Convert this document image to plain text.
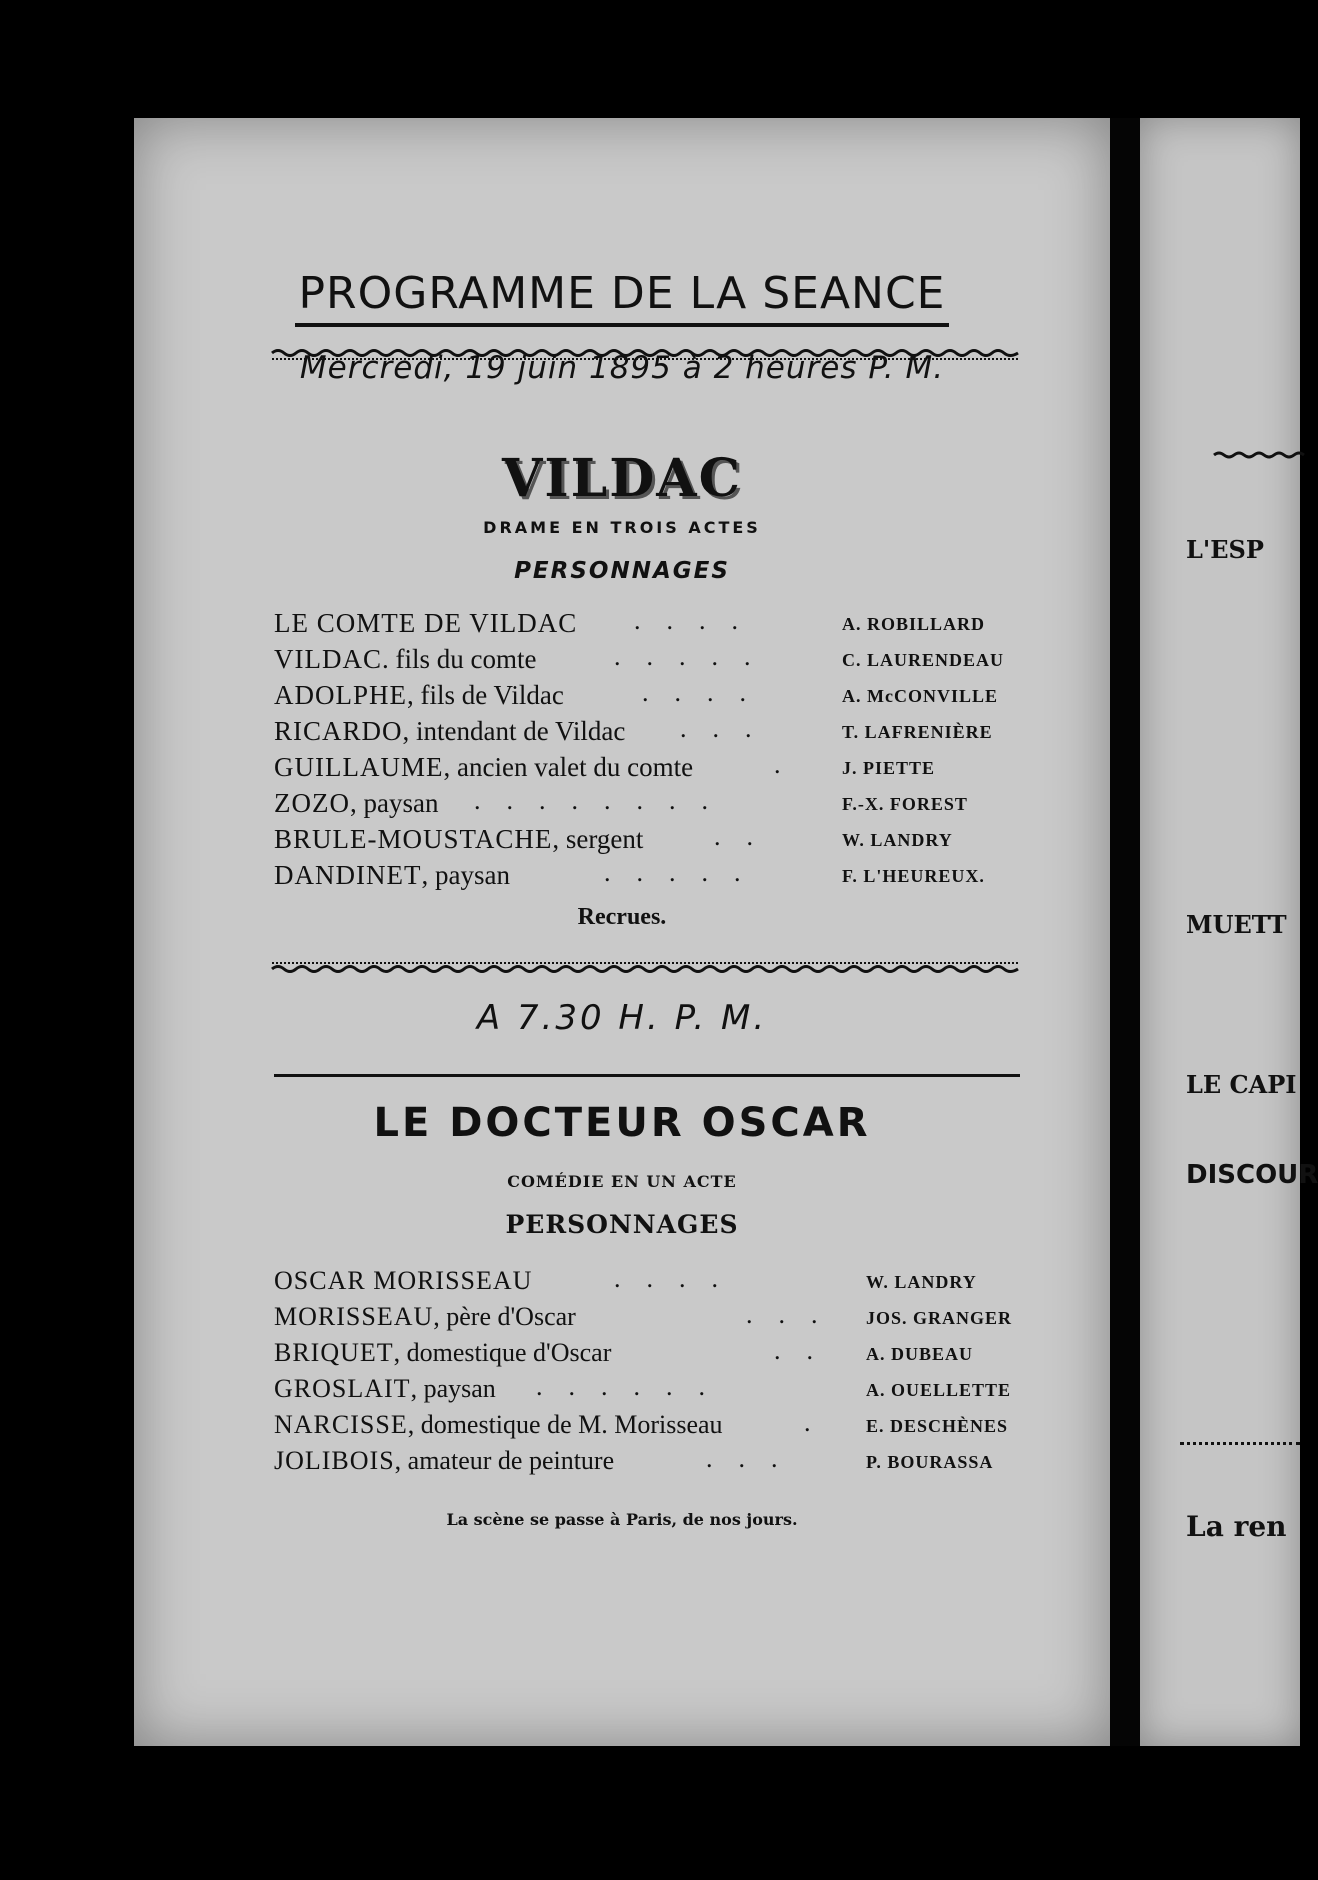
PROGRAMME DE LA SEANCE
Mercredi, 19 juin 1895 à 2 heures P. M.
VILDAC
DRAME EN TROIS ACTES
PERSONNAGES
LE COMTE DE VILDAC ....	A. ROBILLARD
VILDAC. fils du comte	.....	C. LAURENDEAU
ADOLPHE, fils de Vildac	....	A. McCONVILLE
RICARDO, intendant de Vildac ...	T. LAFRENIÈRE
GUILLAUME, ancien valet du comte	. J. PIETTE
ZOZO, paysan ........	F.-X. FOREST
BRULE-MOUSTACHE, sergent	..	W. LANDRY
DANDINET, paysan	.....	F. L'HEUREUX.
Recrues.
A 7.30 H. P. M.
LE DOCTEUR OSCAR
COMÉDIE EN UN ACTE
PERSONNAGES
OSCAR MORISSEAU	....	W. LANDRY
MORISSEAU, père d'Oscar	... JOS. GRANGER
BRIQUET, domestique d'Oscar	.. A. DUBEAU
GROSLAIT, paysan ......	A. OUELLETTE
NARCISSE, domestique de M. Morisseau	. E. DESCHÈNES
JOLIBOIS, amateur de peinture	...	P. BOURASSA
La scène se passe à Paris, de nos jours.
L'ESP
MUETT
LE CAPI
DISCOUR
La ren
